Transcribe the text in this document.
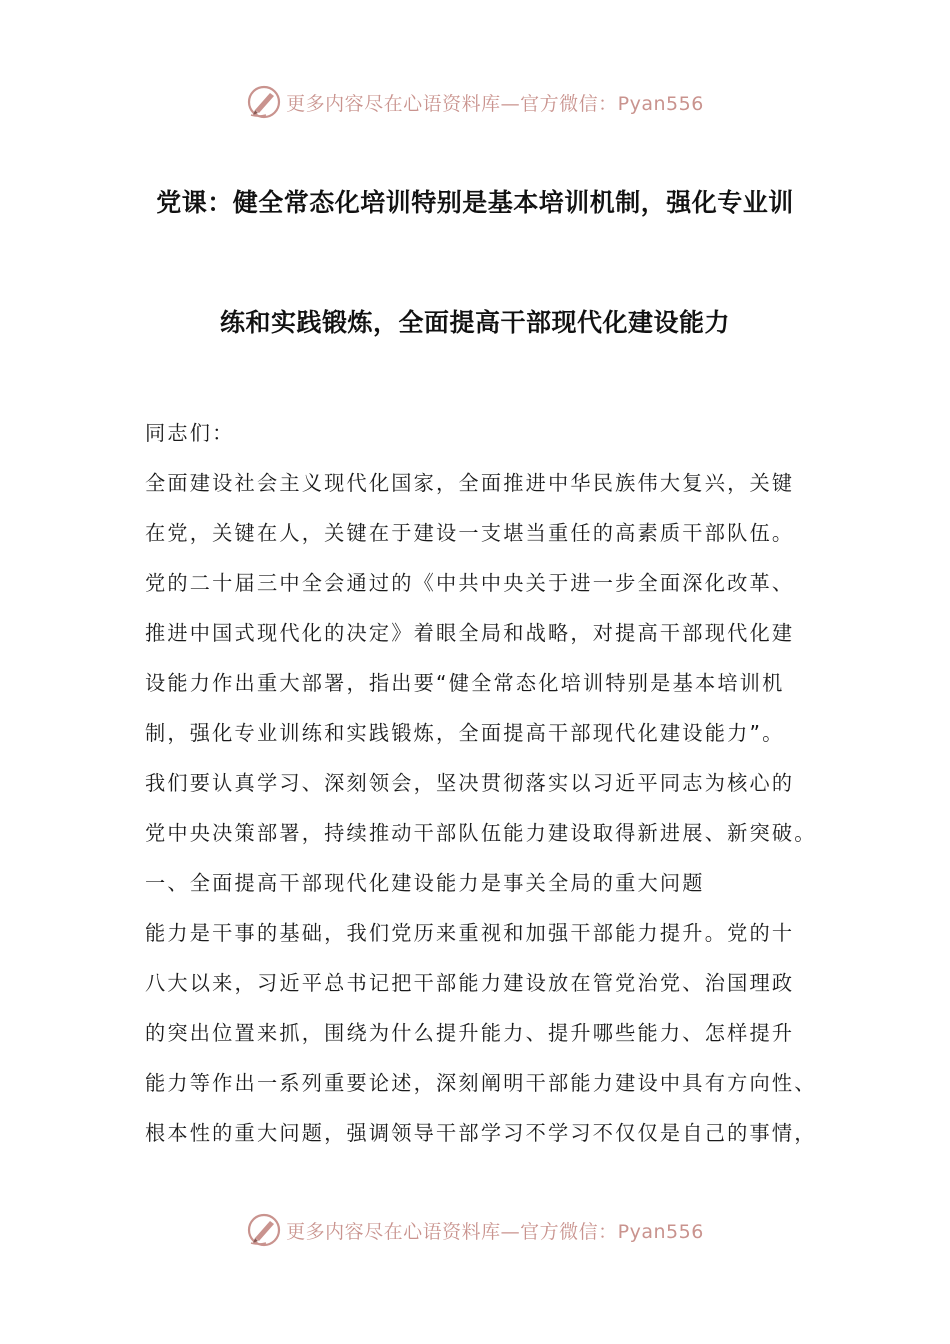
更多内容尽在心语资料库—官方微信：Pyan556
党课：健全常态化培训特别是基本培训机制，强化专业训
练和实践锻炼，全面提高干部现代化建设能力
同志们：
全面建设社会主义现代化国家，全面推进中华民族伟大复兴，关键
在党，关键在人，关键在于建设一支堪当重任的高素质干部队伍。
党的二十届三中全会通过的《中共中央关于进一步全面深化改革、
推进中国式现代化的决定》着眼全局和战略，对提高干部现代化建
设能力作出重大部署，指出要“健全常态化培训特别是基本培训机
制，强化专业训练和实践锻炼，全面提高干部现代化建设能力”。
我们要认真学习、深刻领会，坚决贯彻落实以习近平同志为核心的
党中央决策部署，持续推动干部队伍能力建设取得新进展、新突破。
一、全面提高干部现代化建设能力是事关全局的重大问题
能力是干事的基础，我们党历来重视和加强干部能力提升。党的十
八大以来，习近平总书记把干部能力建设放在管党治党、治国理政
的突出位置来抓，围绕为什么提升能力、提升哪些能力、怎样提升
能力等作出一系列重要论述，深刻阐明干部能力建设中具有方向性、
根本性的重大问题，强调领导干部学习不学习不仅仅是自己的事情，
更多内容尽在心语资料库—官方微信：Pyan556
